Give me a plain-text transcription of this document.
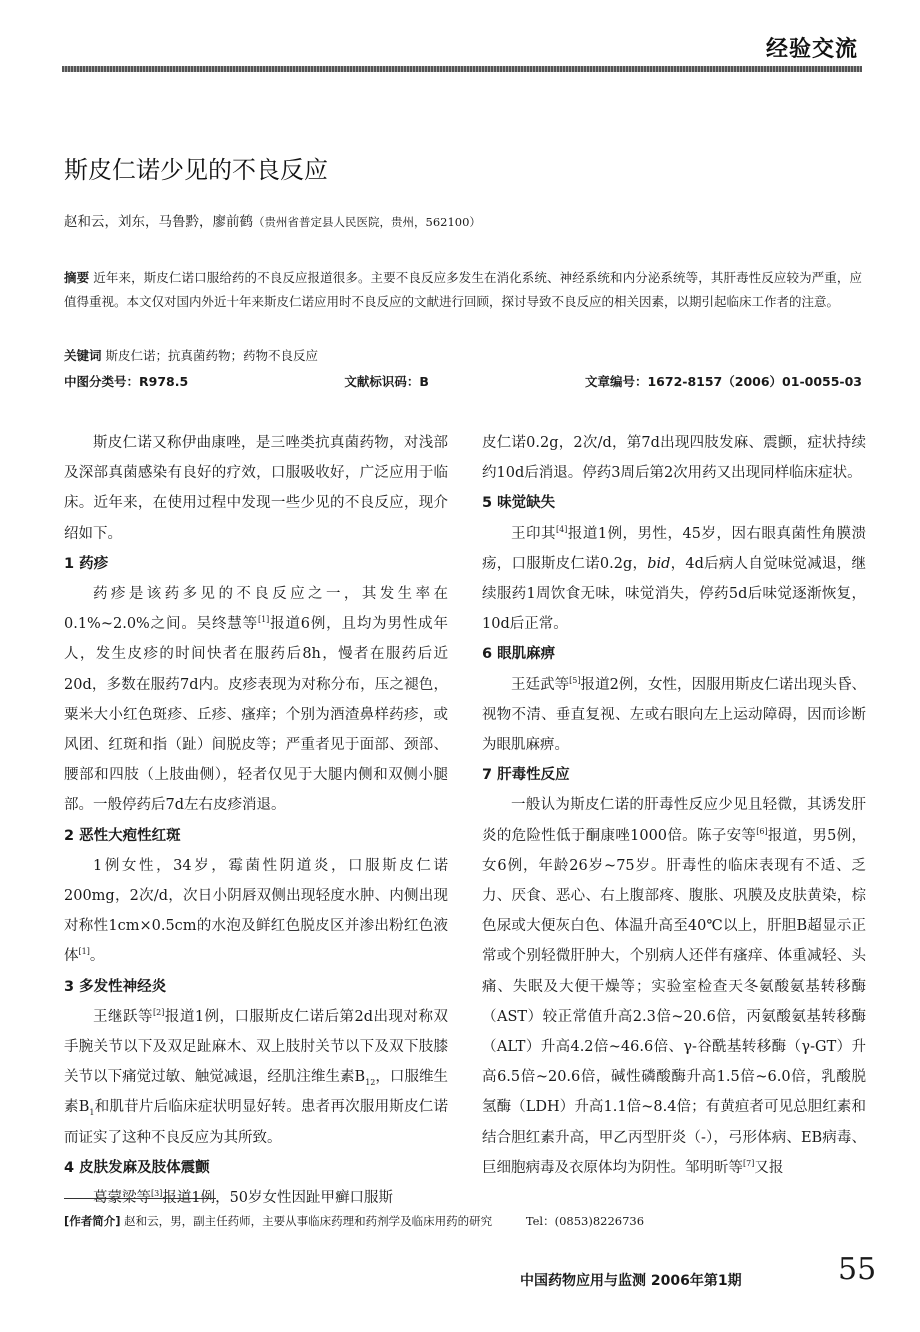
经验交流
斯皮仁诺少见的不良反应
赵和云，刘东，马鲁黔，廖前鹤（贵州省普定县人民医院，贵州，562100）
摘要 近年来，斯皮仁诺口服给药的不良反应报道很多。主要不良反应多发生在消化系统、神经系统和内分泌系统等，其肝毒性反应较为严重，应值得重视。本文仅对国内外近十年来斯皮仁诺应用时不良反应的文献进行回顾，探讨导致不良反应的相关因素，以期引起临床工作者的注意。
关键词 斯皮仁诺；抗真菌药物；药物不良反应
中图分类号：R978.5	文献标识码：B	文章编号：1672-8157（2006）01-0055-03

斯皮仁诺又称伊曲康唑，是三唑类抗真菌药物，对浅部及深部真菌感染有良好的疗效，口服吸收好，广泛应用于临床。近年来，在使用过程中发现一些少见的不良反应，现介绍如下。

1 药疹

药疹是该药多见的不良反应之一，其发生率在0.1%~2.0%之间。吴终慧等[1]报道6例，且均为男性成年人，发生皮疹的时间快者在服药后8h，慢者在服药后近20d，多数在服药7d内。皮疹表现为对称分布，压之褪色，粟米大小红色斑疹、丘疹、瘙痒；个别为酒渣鼻样药疹，或风团、红斑和指（趾）间脱皮等；严重者见于面部、颈部、腰部和四肢（上肢曲侧），轻者仅见于大腿内侧和双侧小腿部。一般停药后7d左右皮疹消退。

2 恶性大疱性红斑

1例女性，34岁，霉菌性阴道炎，口服斯皮仁诺200mg，2次/d，次日小阴唇双侧出现轻度水肿、内侧出现对称性1cm×0.5cm的水泡及鲜红色脱皮区并渗出粉红色液体[1]。

3 多发性神经炎

王继跃等[2]报道1例，口服斯皮仁诺后第2d出现对称双手腕关节以下及双足趾麻木、双上肢肘关节以下及双下肢膝关节以下痛觉过敏、触觉减退，经肌注维生素$B_{12}$，口服维生素$B_1$和肌苷片后临床症状明显好转。患者再次服用斯皮仁诺而证实了这种不良反应为其所致。

4 皮肤发麻及肢体震颤

葛蒙梁等[3]报道1例，50岁女性因趾甲癣口服斯

皮仁诺0.2g，2次/d，第7d出现四肢发麻、震颤，症状持续约10d后消退。停药3周后第2次用药又出现同样临床症状。

5 味觉缺失

王印其[4]报道1例，男性，45岁，因右眼真菌性角膜溃疡，口服斯皮仁诺0.2g，bid，4d后病人自觉味觉减退，继续服药1周饮食无味，味觉消失，停药5d后味觉逐渐恢复，10d后正常。

6 眼肌麻痹

王廷武等[5]报道2例，女性，因服用斯皮仁诺出现头昏、视物不清、垂直复视、左或右眼向左上运动障碍，因而诊断为眼肌麻痹。

7 肝毒性反应

一般认为斯皮仁诺的肝毒性反应少见且轻微，其诱发肝炎的危险性低于酮康唑1000倍。陈子安等[6]报道，男5例，女6例，年龄26岁~75岁。肝毒性的临床表现有不适、乏力、厌食、恶心、右上腹部疼、腹胀、巩膜及皮肤黄染，棕色尿或大便灰白色、体温升高至40℃以上，肝胆B超显示正常或个别轻微肝肿大，个别病人还伴有瘙痒、体重减轻、头痛、失眠及大便干燥等；实验室检查天冬氨酸氨基转移酶（AST）较正常值升高2.3倍~20.6倍，丙氨酸氨基转移酶（ALT）升高4.2倍~46.6倍、γ-谷酰基转移酶（γ-GT）升高6.5倍~20.6倍，碱性磷酸酶升高1.5倍~6.0倍，乳酸脱氢酶（LDH）升高1.1倍~8.4倍；有黄疸者可见总胆红素和结合胆红素升高，甲乙丙型肝炎（-），弓形体病、EB病毒、巨细胞病毒及衣原体均为阴性。邹明昕等[7]又报

[作者简介] 赵和云，男，副主任药师，主要从事临床药理和药剂学及临床用药的研究	Tel：(0853)8226736
中国药物应用与监测 2006年第1期	55
